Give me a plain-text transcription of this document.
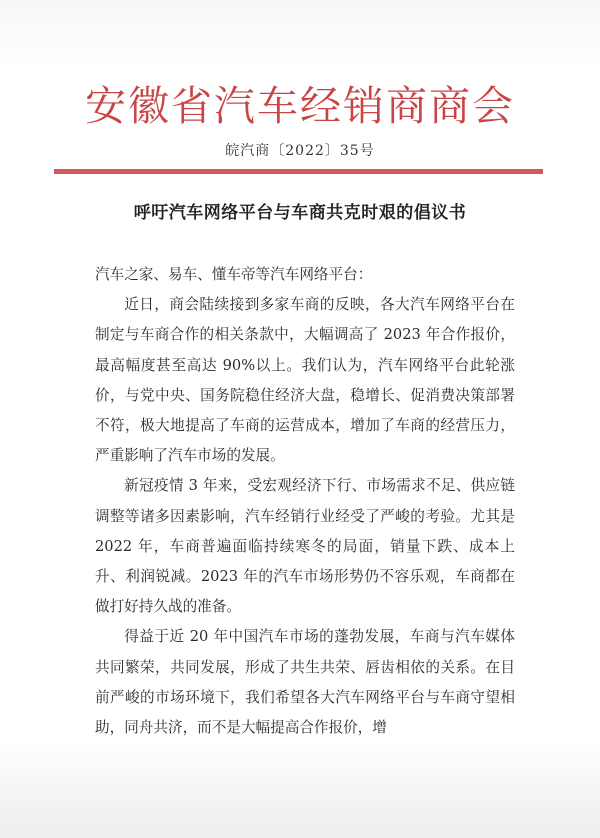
安徽省汽车经销商商会
皖汽商〔2022〕35号
呼吁汽车网络平台与车商共克时艰的倡议书

汽车之家、易车、懂车帝等汽车网络平台：

近日，商会陆续接到多家车商的反映，各大汽车网络平台在制定与车商合作的相关条款中，大幅调高了 2023 年合作报价，最高幅度甚至高达 90%以上。我们认为，汽车网络平台此轮涨价，与党中央、国务院稳住经济大盘，稳增长、促消费决策部署不符，极大地提高了车商的运营成本，增加了车商的经营压力，严重影响了汽车市场的发展。

新冠疫情 3 年来，受宏观经济下行、市场需求不足、供应链调整等诸多因素影响，汽车经销行业经受了严峻的考验。尤其是 2022 年，车商普遍面临持续寒冬的局面，销量下跌、成本上升、利润锐减。2023 年的汽车市场形势仍不容乐观，车商都在做打好持久战的准备。

得益于近 20 年中国汽车市场的蓬勃发展，车商与汽车媒体共同繁荣，共同发展，形成了共生共荣、唇齿相依的关系。在目前严峻的市场环境下，我们希望各大汽车网络平台与车商守望相助，同舟共济，而不是大幅提高合作报价，增
